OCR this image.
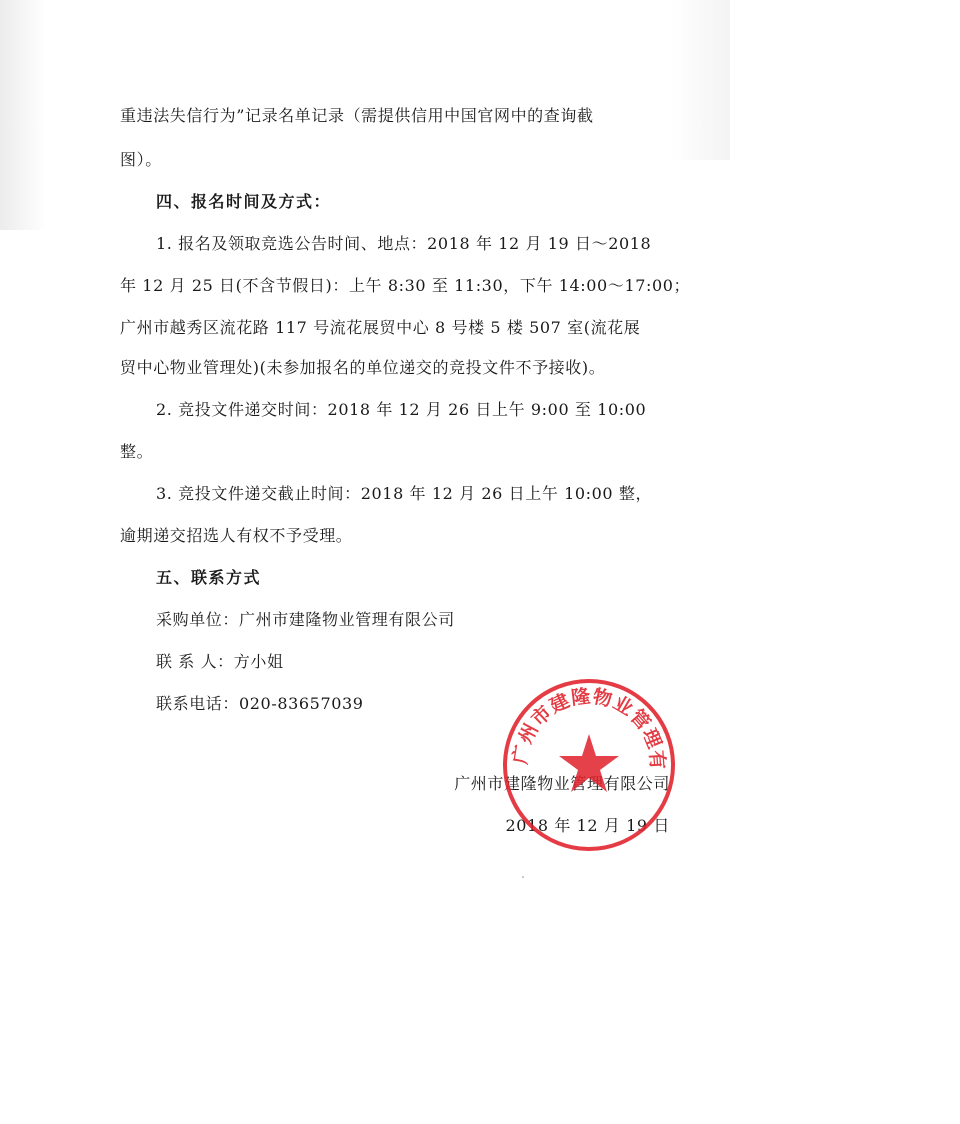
重违法失信行为”记录名单记录（需提供信用中国官网中的查询截
图）。
四、报名时间及方式：
1. 报名及领取竞选公告时间、地点：2018 年 12 月 19 日～2018
年 12 月 25 日(不含节假日)：上午 8:30 至 11:30，下午 14:00～17:00；
广州市越秀区流花路 117 号流花展贸中心 8 号楼 5 楼 507 室(流花展
贸中心物业管理处)(未参加报名的单位递交的竞投文件不予接收)。
2. 竞投文件递交时间：2018 年 12 月 26 日上午 9:00 至 10:00
整。
3. 竞投文件递交截止时间：2018 年 12 月 26 日上午 10:00 整，
逾期递交招选人有权不予受理。
五、联系方式
采购单位：广州市建隆物业管理有限公司
联 系 人：方小姐
联系电话：020-83657039
广州市建隆物业管理有限公司
2018 年 12 月 19 日
广州市建隆物业管理有
